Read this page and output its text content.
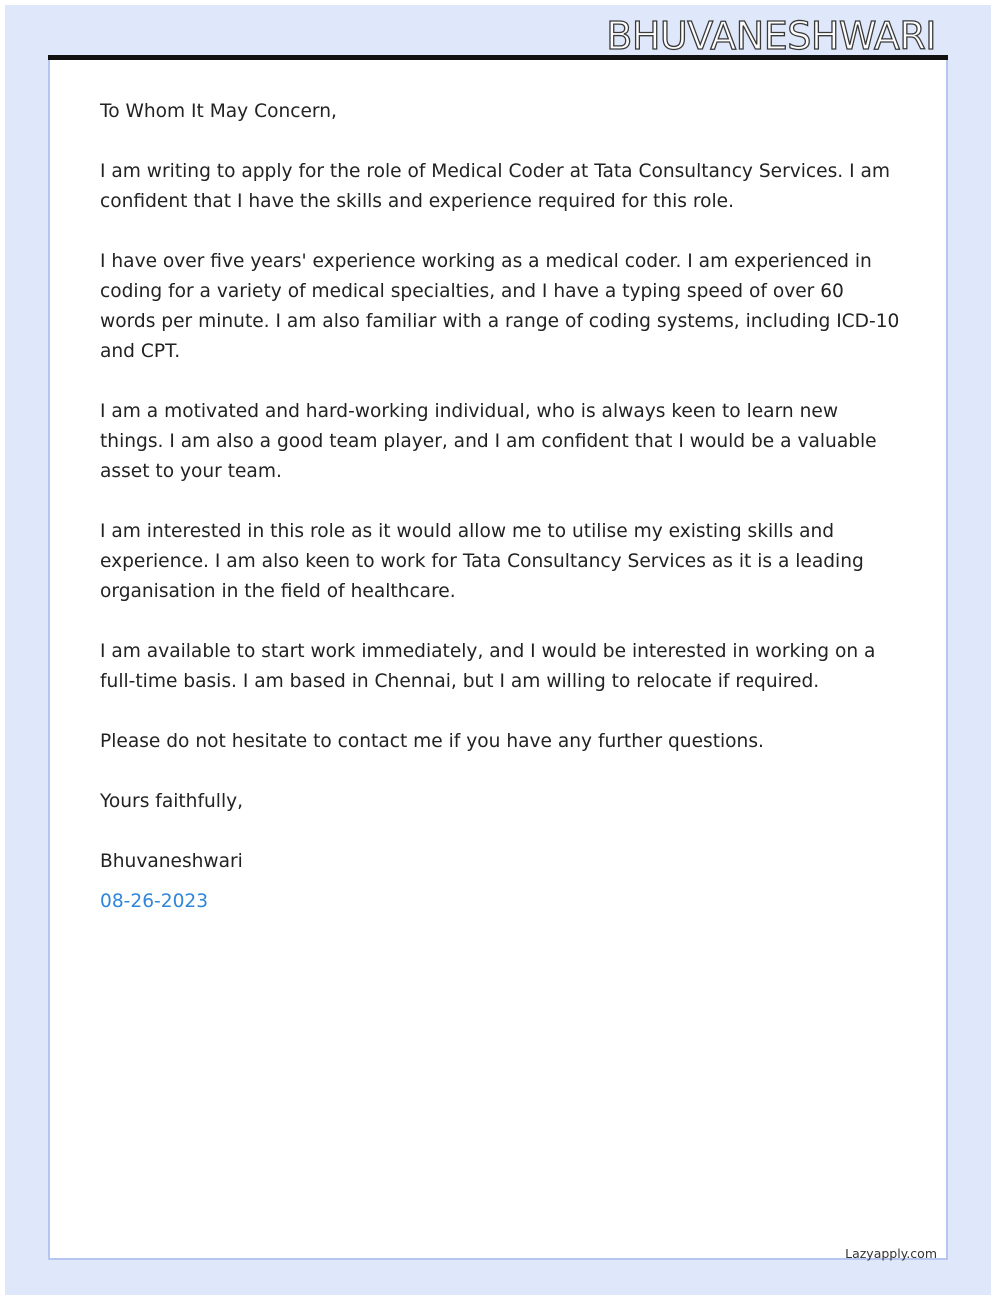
BHUVANESHWARI

To Whom It May Concern,

I am writing to apply for the role of Medical Coder at Tata Consultancy Services. I am confident that I have the skills and experience required for this role.

I have over five years' experience working as a medical coder. I am experienced in coding for a variety of medical specialties, and I have a typing speed of over 60 words per minute. I am also familiar with a range of coding systems, including ICD-10 and CPT.

I am a motivated and hard-working individual, who is always keen to learn new things. I am also a good team player, and I am confident that I would be a valuable asset to your team.

I am interested in this role as it would allow me to utilise my existing skills and experience. I am also keen to work for Tata Consultancy Services as it is a leading organisation in the field of healthcare.

I am available to start work immediately, and I would be interested in working on a full-time basis. I am based in Chennai, but I am willing to relocate if required.

Please do not hesitate to contact me if you have any further questions.

Yours faithfully,

Bhuvaneshwari

08-26-2023

Lazyapply.com
